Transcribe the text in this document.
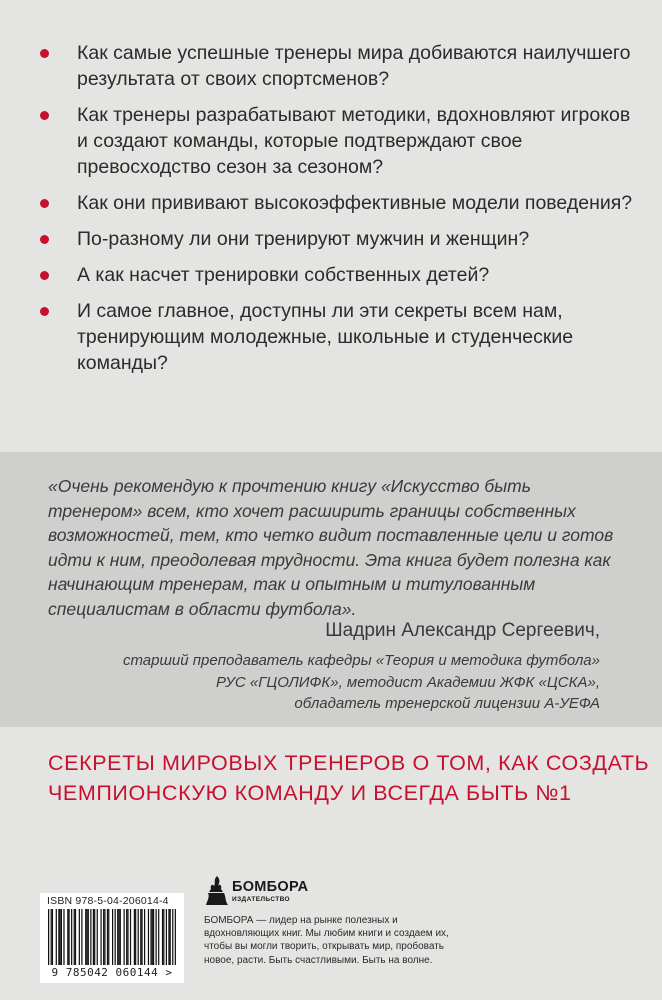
Как самые успешные тренеры мира добиваются наилучшего результата от своих спортсменов?
Как тренеры разрабатывают методики, вдохновляют игроков и создают команды, которые подтверждают свое превосходство сезон за сезоном?
Как они прививают высокоэффективные модели поведения?
По-разному ли они тренируют мужчин и женщин?
А как насчет тренировки собственных детей?
И самое главное, доступны ли эти секреты всем нам, тренирующим молодежные, школьные и студенческие команды?
«Очень рекомендую к прочтению книгу «Искусство быть тренером» всем, кто хочет расширить границы собственных возможностей, тем, кто четко видит поставленные цели и готов идти к ним, преодолевая трудности. Эта книга будет полезна как начинающим тренерам, так и опытным и титулованным специалистам в области футбола».
Шадрин Александр Сергеевич,
старший преподаватель кафедры «Теория и методика футбола»
РУС «ГЦОЛИФК», методист Академии ЖФК «ЦСКА»,
обладатель тренерской лицензии А-УЕФА
СЕКРЕТЫ МИРОВЫХ ТРЕНЕРОВ О ТОМ, КАК СОЗДАТЬ
ЧЕМПИОНСКУЮ КОМАНДУ И ВСЕГДА БЫТЬ №1
ISBN 978-5-04-206014-4
9 785042 060144 >
БОМБОРА
ИЗДАТЕЛЬСТВО
БОМБОРА — лидер на рынке полезных и вдохновляющих книг. Мы любим книги и создаем их, чтобы вы могли творить, открывать мир, пробовать новое, расти. Быть счастливыми. Быть на волне.
